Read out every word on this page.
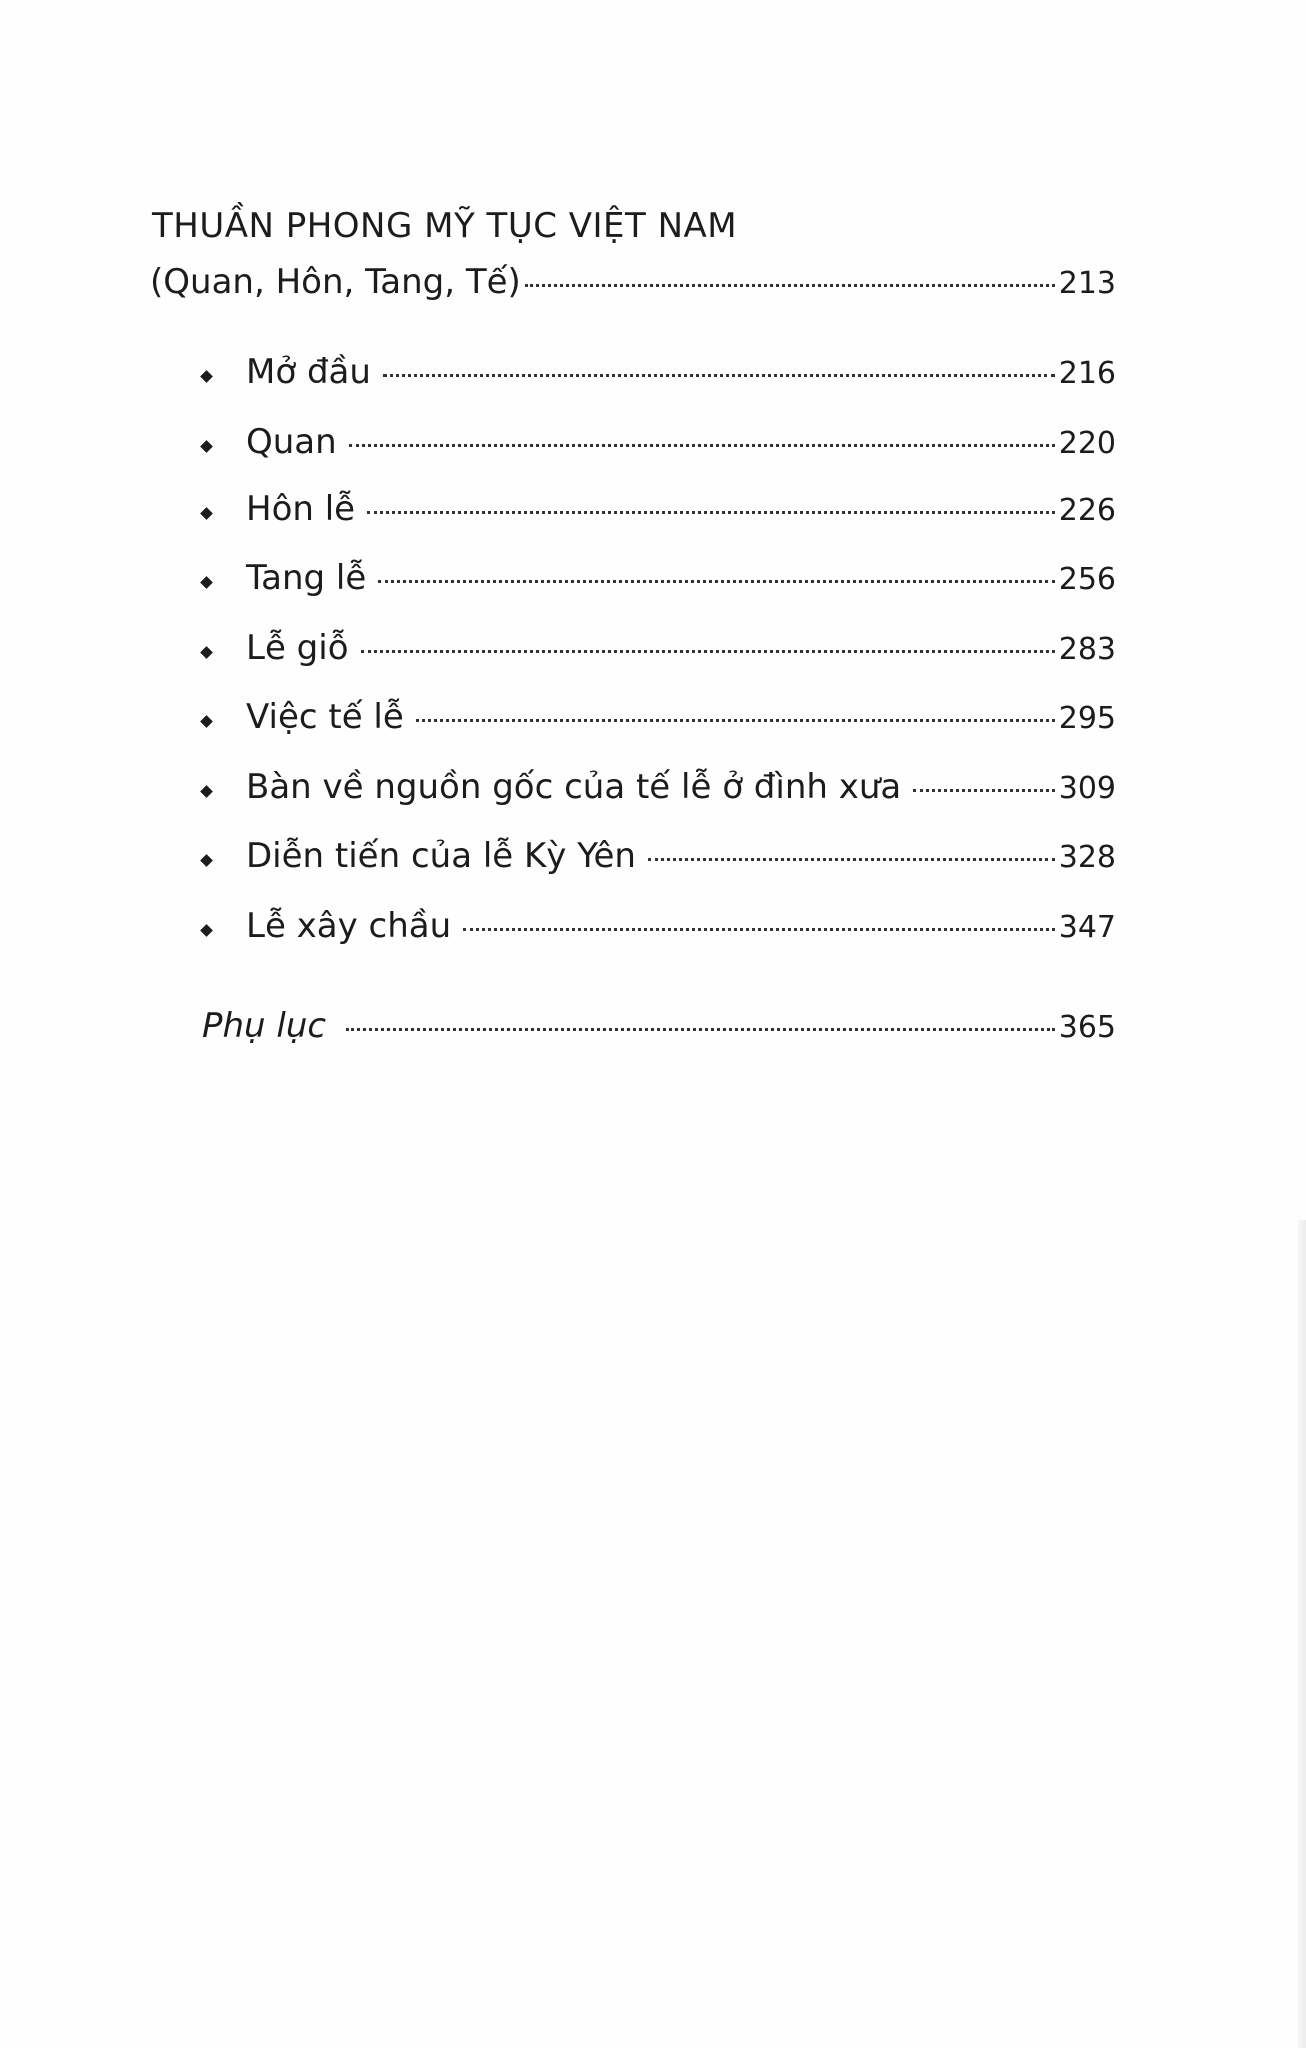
THUẦN PHONG MỸ TỤC VIỆT NAM
(Quan, Hôn, Tang, Tế)	213
Mở đầu	216
Quan	220
Hôn lễ	226
Tang lễ	256
Lễ giỗ	283
Việc tế lễ	295
Bàn về nguồn gốc của tế lễ ở đình xưa	309
Diễn tiến của lễ Kỳ Yên	328
Lễ xây chầu	347
Phụ lục	365
